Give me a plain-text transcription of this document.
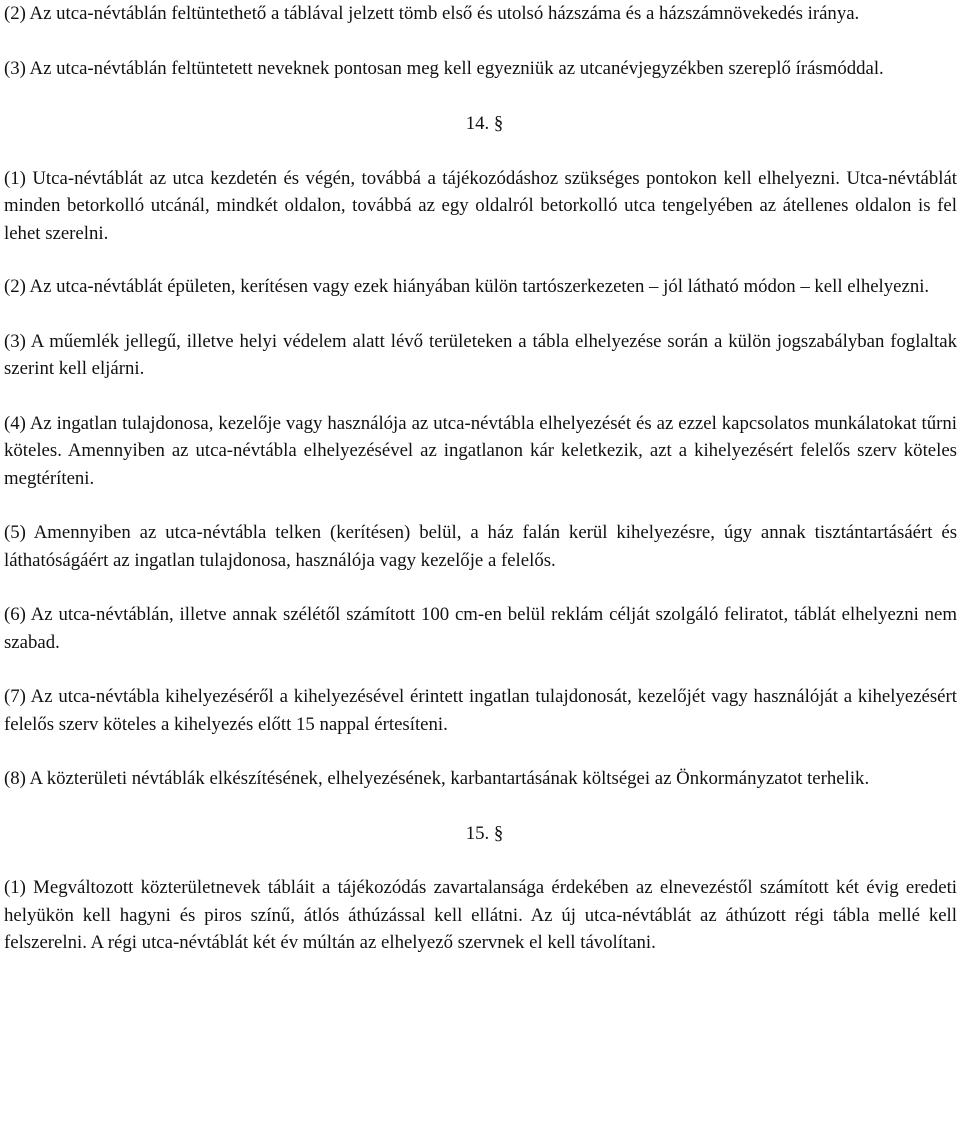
(2) Az utca-névtáblán feltüntethető a táblával jelzett tömb első és utolsó házszáma és a házszámnövekedés iránya.

(3) Az utca-névtáblán feltüntetett neveknek pontosan meg kell egyezniük az utcanévjegyzékben szereplő írásmóddal.

14. §

(1) Utca-névtáblát az utca kezdetén és végén, továbbá a tájékozódáshoz szükséges pontokon kell elhelyezni. Utca-névtáblát minden betorkolló utcánál, mindkét oldalon, továbbá az egy oldalról betorkolló utca tengelyében az átellenes oldalon is fel lehet szerelni.

(2) Az utca-névtáblát épületen, kerítésen vagy ezek hiányában külön tartószerkezeten – jól látható módon – kell elhelyezni.

(3) A műemlék jellegű, illetve helyi védelem alatt lévő területeken a tábla elhelyezése során a külön jogszabályban foglaltak szerint kell eljárni.

(4) Az ingatlan tulajdonosa, kezelője vagy használója az utca-névtábla elhelyezését és az ezzel kapcsolatos munkálatokat tűrni köteles. Amennyiben az utca-névtábla elhelyezésével az ingatlanon kár keletkezik, azt a kihelyezésért felelős szerv köteles megtéríteni.

(5) Amennyiben az utca-névtábla telken (kerítésen) belül, a ház falán kerül kihelyezésre, úgy annak tisztántartásáért és láthatóságáért az ingatlan tulajdonosa, használója vagy kezelője a felelős.

(6) Az utca-névtáblán, illetve annak szélétől számított 100 cm-en belül reklám célját szolgáló feliratot, táblát elhelyezni nem szabad.

(7) Az utca-névtábla kihelyezéséről a kihelyezésével érintett ingatlan tulajdonosát, kezelőjét vagy használóját a kihelyezésért felelős szerv köteles a kihelyezés előtt 15 nappal értesíteni.

(8) A közterületi névtáblák elkészítésének, elhelyezésének, karbantartásának költségei az Önkormányzatot terhelik.

15. §

(1) Megváltozott közterületnevek tábláit a tájékozódás zavartalansága érdekében az elnevezéstől számított két évig eredeti helyükön kell hagyni és piros színű, átlós áthúzással kell ellátni. Az új utca-névtáblát az áthúzott régi tábla mellé kell felszerelni. A régi utca-névtáblát két év múltán az elhelyező szervnek el kell távolítani.
